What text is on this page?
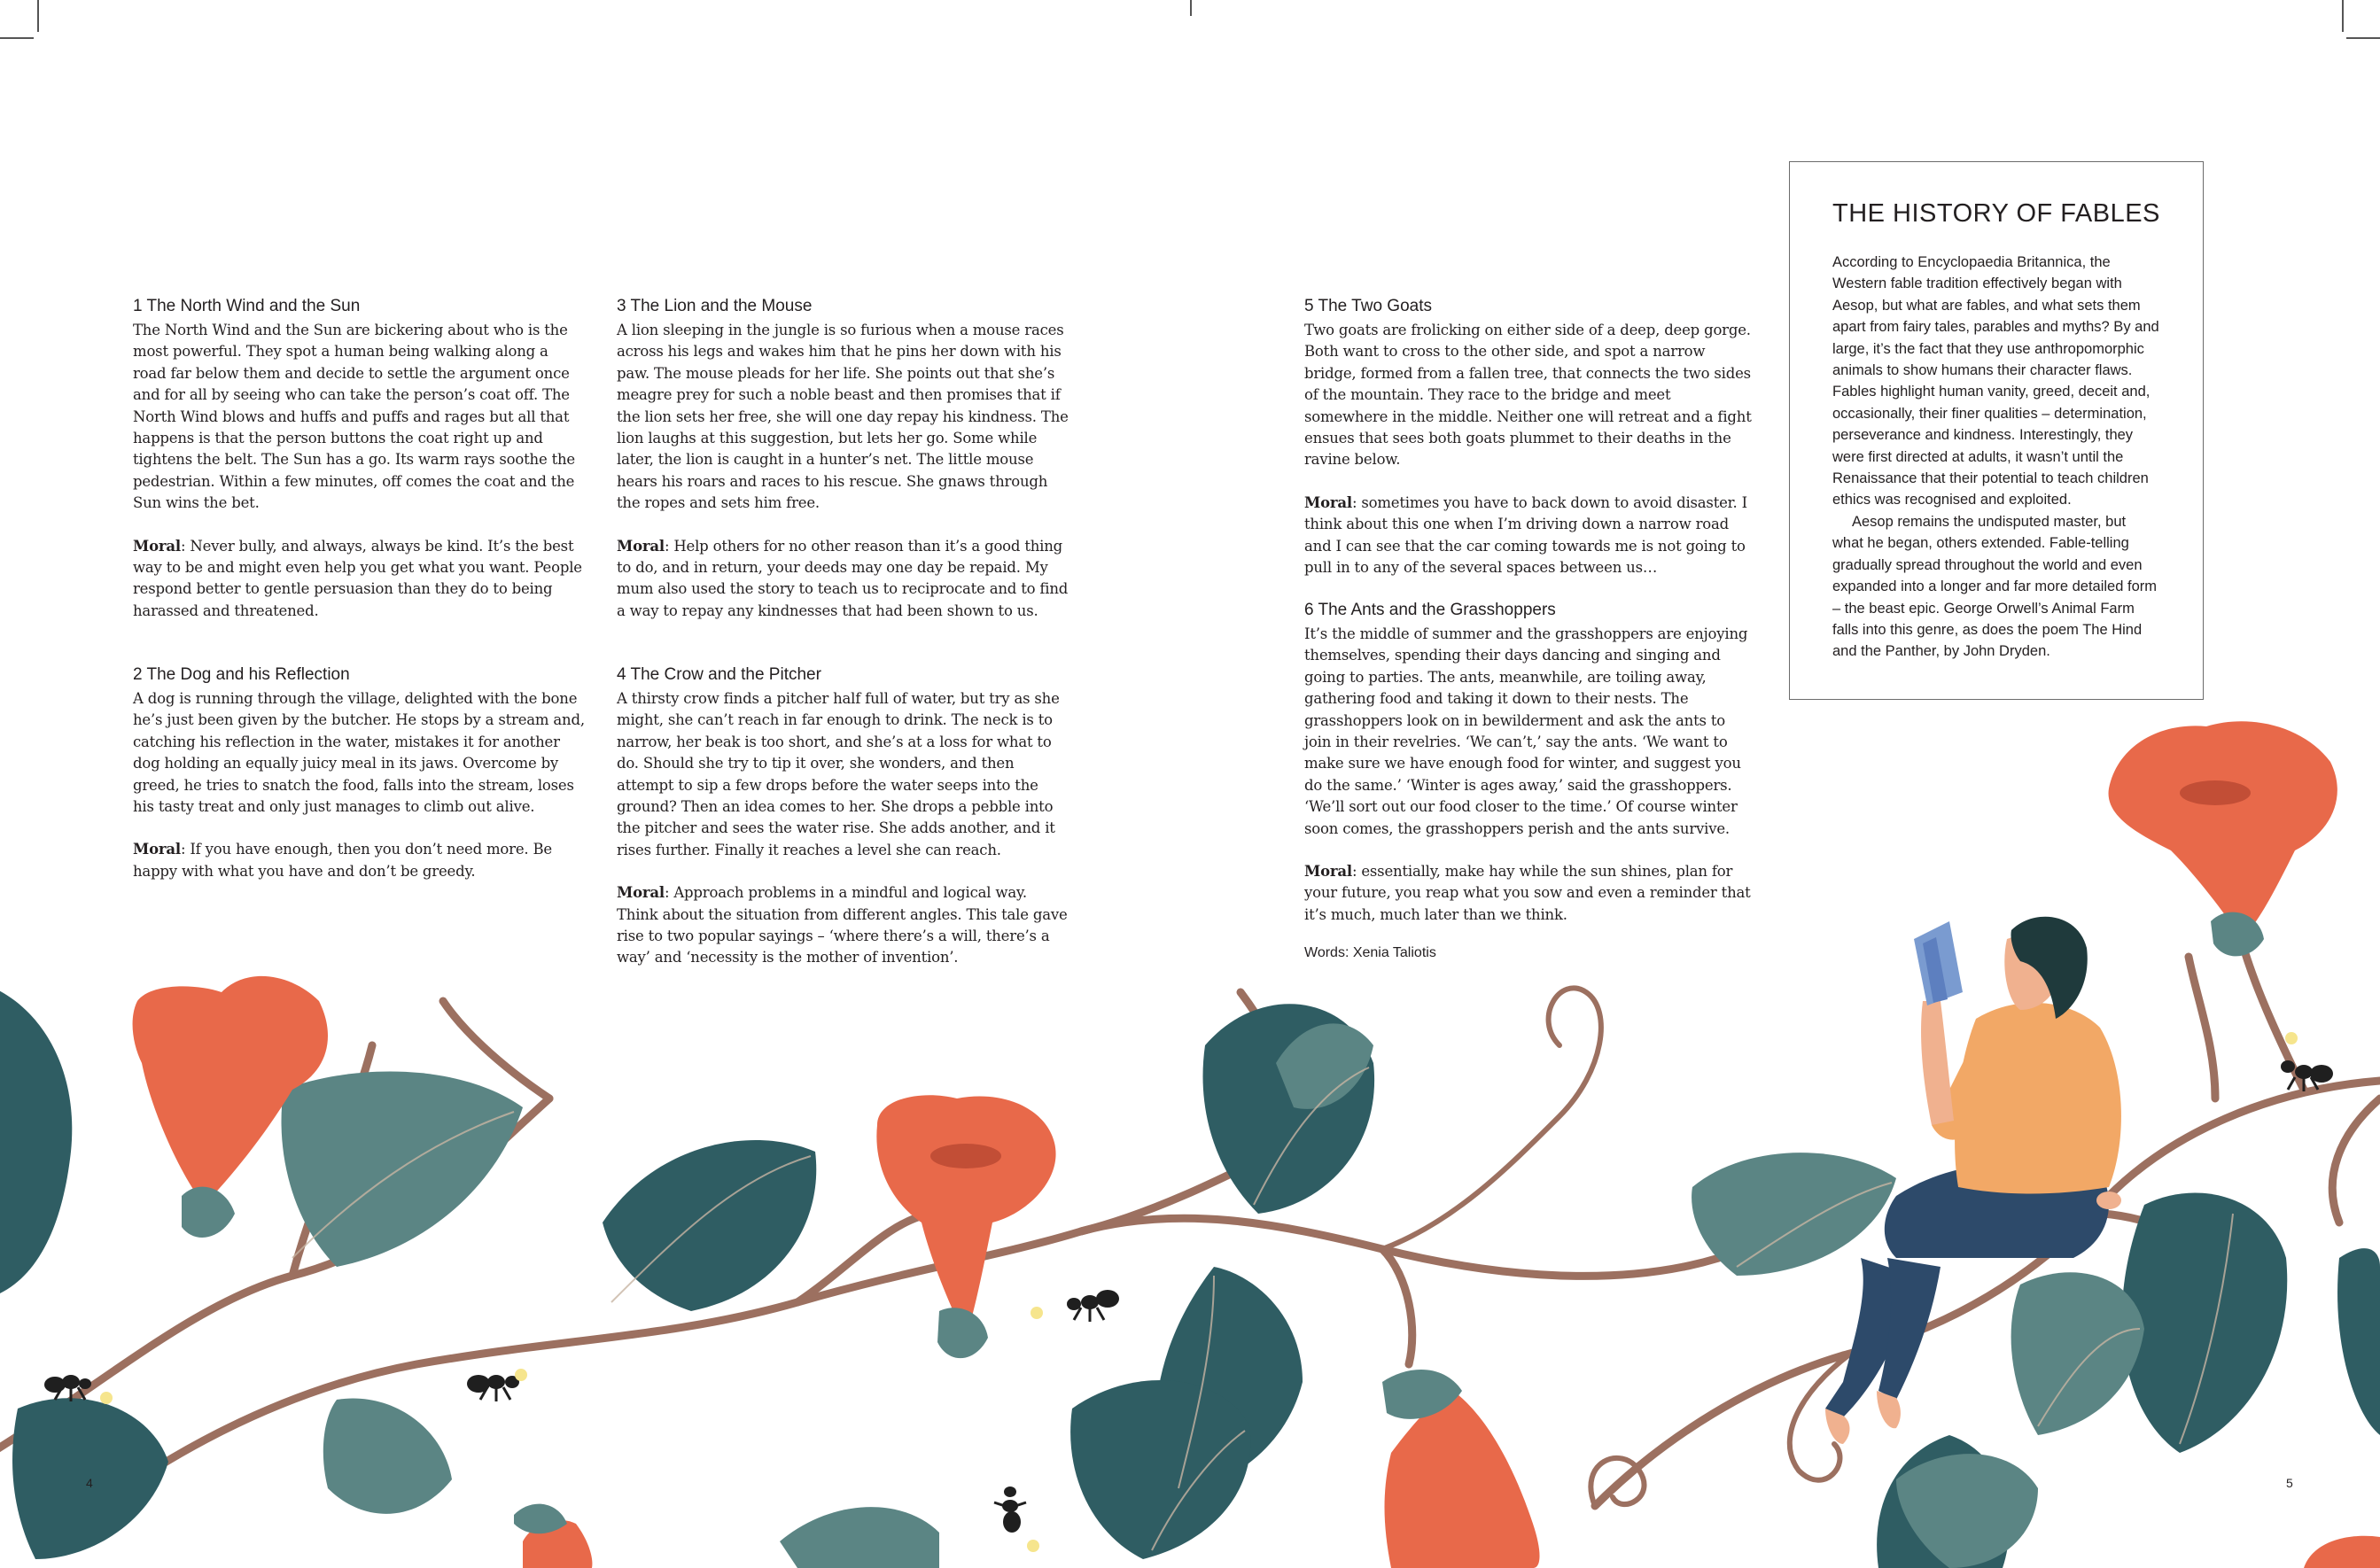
1 The North Wind and the Sun

The North Wind and the Sun are bickering about who is the most powerful. They spot a human being walking along a road far below them and decide to settle the argument once and for all by seeing who can take the person’s coat off. The North Wind blows and huffs and puffs and rages but all that happens is that the person buttons the coat right up and tightens the belt. The Sun has a go. Its warm rays soothe the pedestrian. Within a few minutes, off comes the coat and the Sun wins the bet.

Moral: Never bully, and always, always be kind. It’s the best way to be and might even help you get what you want. People respond better to gentle persuasion than they do to being harassed and threatened.

2 The Dog and his Reflection

A dog is running through the village, delighted with the bone he’s just been given by the butcher. He stops by a stream and, catching his reflection in the water, mistakes it for another dog holding an equally juicy meal in its jaws. Overcome by greed, he tries to snatch the food, falls into the stream, loses his tasty treat and only just manages to climb out alive.

Moral: If you have enough, then you don’t need more. Be happy with what you have and don’t be greedy.

3 The Lion and the Mouse

A lion sleeping in the jungle is so furious when a mouse races across his legs and wakes him that he pins her down with his paw. The mouse pleads for her life. She points out that she’s meagre prey for such a noble beast and then promises that if the lion sets her free, she will one day repay his kindness. The lion laughs at this suggestion, but lets her go. Some while later, the lion is caught in a hunter’s net. The little mouse hears his roars and races to his rescue. She gnaws through the ropes and sets him free.

Moral: Help others for no other reason than it’s a good thing to do, and in return, your deeds may one day be repaid. My mum also used the story to teach us to reciprocate and to find a way to repay any kindnesses that had been shown to us.

4 The Crow and the Pitcher

A thirsty crow finds a pitcher half full of water, but try as she might, she can’t reach in far enough to drink. The neck is to narrow, her beak is too short, and she’s at a loss for what to do. Should she try to tip it over, she wonders, and then attempt to sip a few drops before the water seeps into the ground? Then an idea comes to her. She drops a pebble into the pitcher and sees the water rise. She adds another, and it rises further. Finally it reaches a level she can reach.

Moral: Approach problems in a mindful and logical way. Think about the situation from different angles. This tale gave rise to two popular sayings – ‘where there’s a will, there’s a way’ and ‘necessity is the mother of invention’.

5 The Two Goats

Two goats are frolicking on either side of a deep, deep gorge. Both want to cross to the other side, and spot a narrow bridge, formed from a fallen tree, that connects the two sides of the mountain. They race to the bridge and meet somewhere in the middle. Neither one will retreat and a fight ensues that sees both goats plummet to their deaths in the ravine below.

Moral: sometimes you have to back down to avoid disaster. I think about this one when I’m driving down a narrow road and I can see that the car coming towards me is not going to pull in to any of the several spaces between us…

6 The Ants and the Grasshoppers

It’s the middle of summer and the grasshoppers are enjoying themselves, spending their days dancing and singing and going to parties. The ants, meanwhile, are toiling away, gathering food and taking it down to their nests. The grasshoppers look on in bewilderment and ask the ants to join in their revelries. ‘We can’t,’ say the ants. ‘We want to make sure we have enough food for winter, and suggest you do the same.’ ‘Winter is ages away,’ said the grasshoppers. ‘We’ll sort out our food closer to the time.’ Of course winter soon comes, the grasshoppers perish and the ants survive.

Moral: essentially, make hay while the sun shines, plan for your future, you reap what you sow and even a reminder that it’s much, much later than we think.

Words: Xenia Taliotis
THE HISTORY OF FABLES

According to Encyclopaedia Britannica, the Western fable tradition effectively began with Aesop, but what are fables, and what sets them apart from fairy tales, parables and myths? By and large, it’s the fact that they use anthropomorphic animals to show humans their character flaws. Fables highlight human vanity, greed, deceit and, occasionally, their finer qualities – determination, perseverance and kindness. Interestingly, they were first directed at adults, it wasn’t until the Renaissance that their potential to teach children ethics was recognised and exploited.

Aesop remains the undisputed master, but what he began, others extended. Fable-telling gradually spread throughout the world and even expanded into a longer and far more detailed form – the beast epic. George Orwell’s Animal Farm falls into this genre, as does the poem The Hind and the Panther, by John Dryden.

4	5
